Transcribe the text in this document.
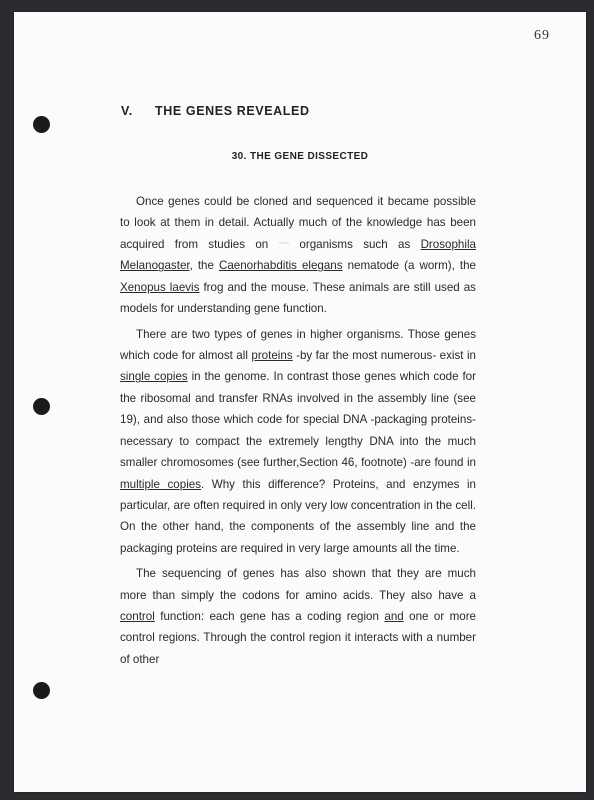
69
V. THE GENES REVEALED
30. THE GENE DISSECTED

Once genes could be cloned and sequenced it became possible to look at them in detail. Actually much of the knowledge has been acquired from studies on ~~~ organisms such as Drosophila Melanogaster, the Caenorhabditis elegans nematode (a worm), the Xenopus laevis frog and the mouse. These animals are still used as models for understanding gene function.

There are two types of genes in higher organisms. Those genes which code for almost all proteins -by far the most numerous- exist in single copies in the genome. In contrast those genes which code for the ribosomal and transfer RNAs involved in the assembly line (see 19), and also those which code for special DNA -packaging proteins- necessary to compact the extremely lengthy DNA into the much smaller chromosomes (see further,Section 46, footnote) -are found in multiple copies. Why this difference? Proteins, and enzymes in particular, are often required in only very low concentration in the cell. On the other hand, the components of the assembly line and the packaging proteins are required in very large amounts all the time.

The sequencing of genes has also shown that they are much more than simply the codons for amino acids. They also have a control function: each gene has a coding region and one or more control regions. Through the control region it interacts with a number of other
